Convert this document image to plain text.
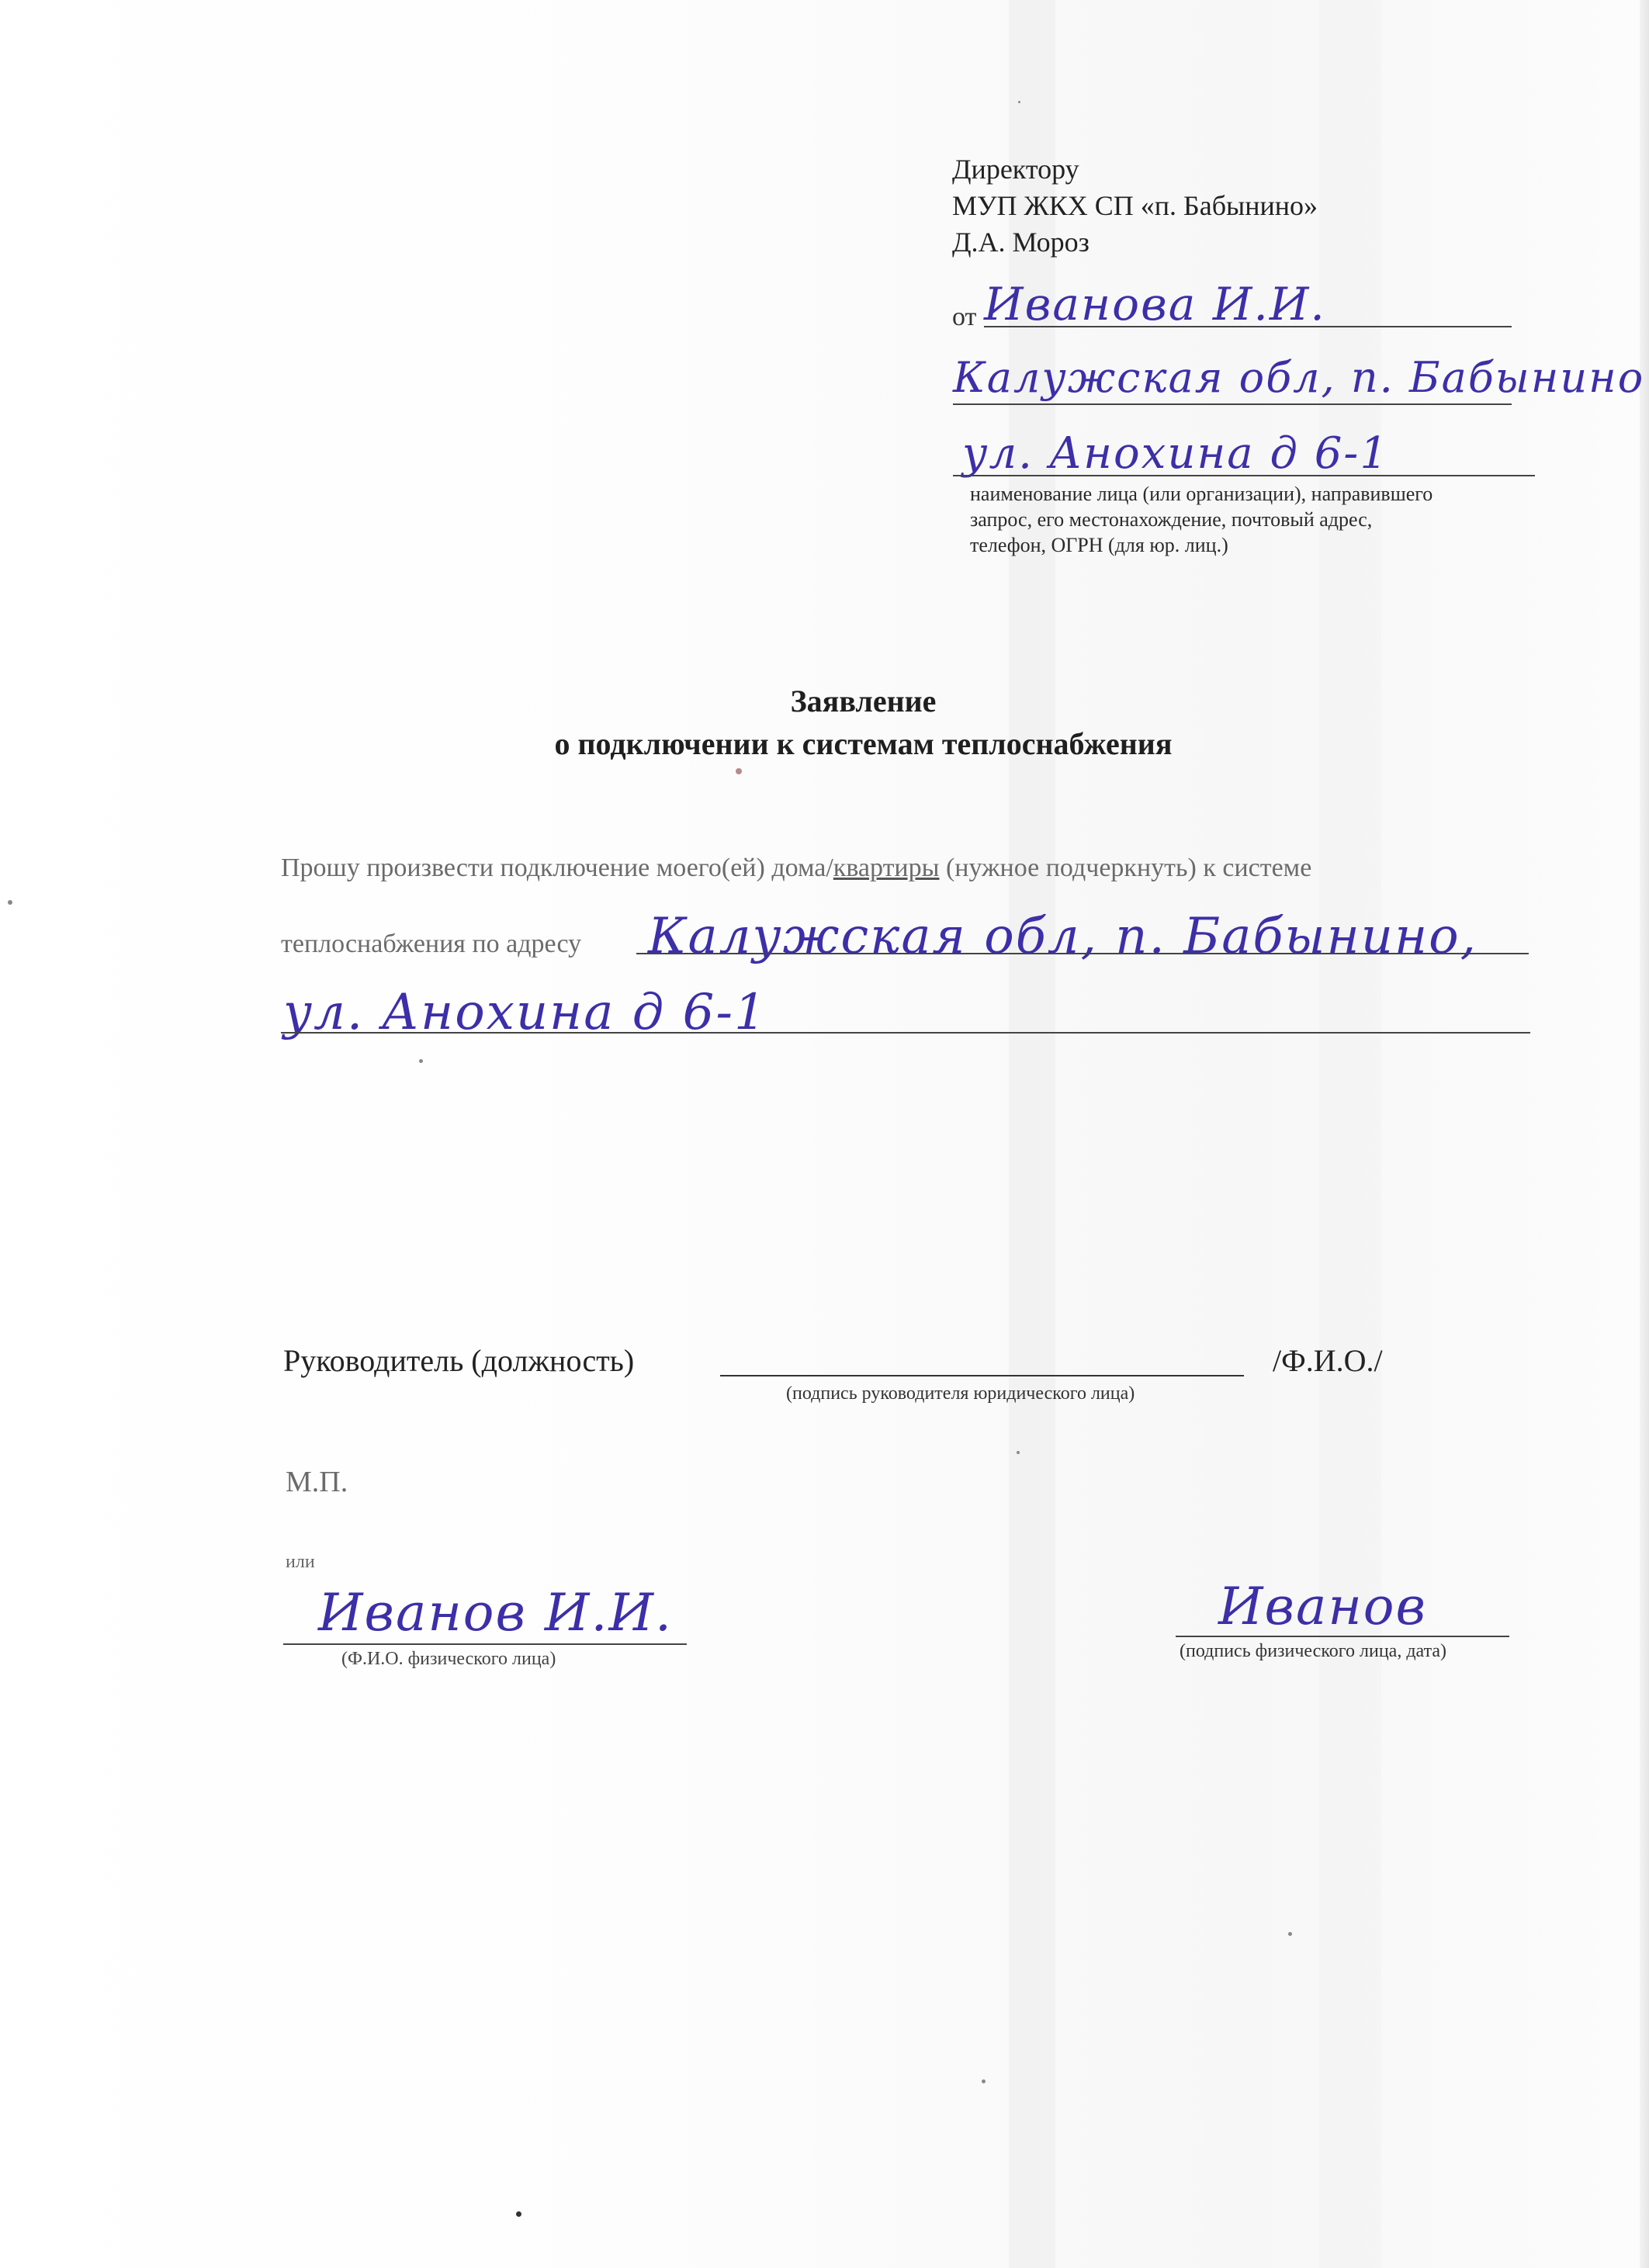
Директору
МУП ЖКХ СП «п. Бабынино»
Д.А. Мороз
от Иванова И.И.
Калужская обл, п. Бабынино
ул. Анохина д 6-1
наименование лица (или организации), направившего
запрос, его местонахождение, почтовый адрес,
телефон, ОГРН (для юр. лиц.)
Заявление
о подключении к системам теплоснабжения
Прошу произвести подключение моего(ей) дома/квартиры (нужное подчеркнуть) к системе
теплоснабжения по адресу Калужская обл, п. Бабынино,
ул. Анохина д 6-1
Руководитель (должность)	/Ф.И.О./
(подпись руководителя юридического лица)
М.П.
или
Иванов И.И.
(Ф.И.О. физического лица)
Иванов
(подпись физического лица, дата)
